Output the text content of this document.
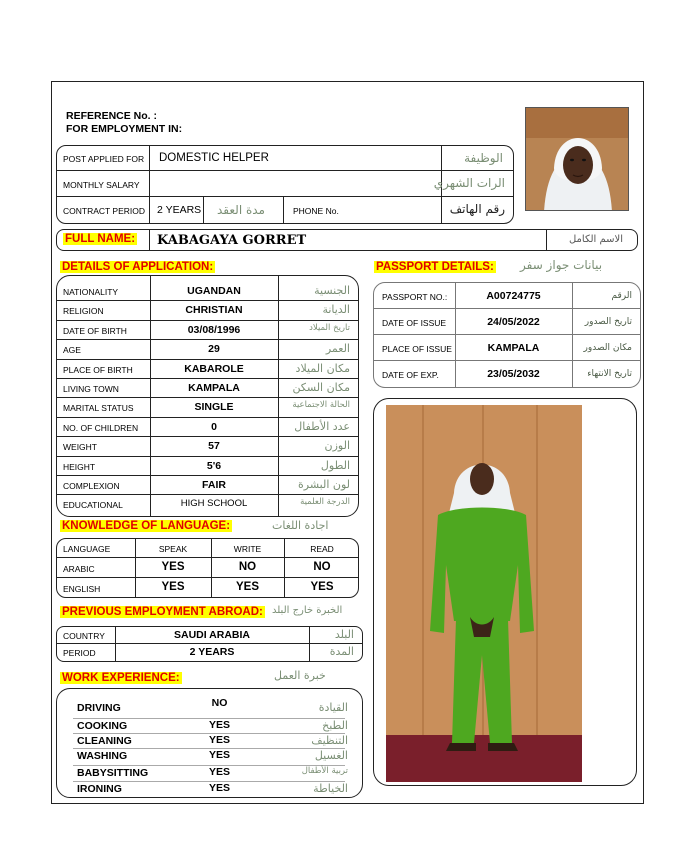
REFERENCE No. :
FOR EMPLOYMENT IN:
POST APPLIED FOR DOMESTIC HELPER	الوظيفة
MONTHLY SALARY	الرات الشهري
CONTRACT PERIOD 2 YEARS مدة العقد	PHONE No.	رقم الهاتف
FULL NAME: KABAGAYA GORRET	الاسم الكامل
DETAILS OF APPLICATION:
NATIONALITY	UGANDAN	الجنسية
RELIGION	CHRISTIAN	الديانة
DATE OF BIRTH	03/08/1996	تاريخ الميلاد
AGE	29	العمر
PLACE OF BIRTH	KABAROLE	مكان الميلاد
LIVING TOWN	KAMPALA	مكان السكن
MARITAL STATUS	SINGLE	الحالة الاجتماعية
NO. OF CHILDREN	0	عدد الأطفال
WEIGHT	57	الوزن
HEIGHT	5'6	الطول
COMPLEXION	FAIR	لون البشرة
EDUCATIONAL	HIGH SCHOOL	الدرجة العلمية
PASSPORT DETAILS: بيانات جواز سفر
PASSPORT NO.:	A00724775	الرقم
DATE OF ISSUE	24/05/2022	تاريخ الصدور
PLACE OF ISSUE	KAMPALA	مكان الصدور
DATE OF EXP.	23/05/2032	تاريخ الانتهاء
KNOWLEDGE OF LANGUAGE:	اجادة اللغات
LANGUAGE	SPEAK	WRITE	READ
ARABIC	YES	NO	NO
ENGLISH	YES	YES	YES
PREVIOUS EMPLOYMENT ABROAD: الخبرة خارج البلد
COUNTRY	SAUDI ARABIA	البلد
PERIOD	2 YEARS	المدة
WORK EXPERIENCE:	خبرة العمل
DRIVING	NO	القيادة
COOKING	YES	الطبخ
CLEANING	YES	التنظيف
WASHING	YES	الغسيل
BABYSITTING	YES	تربية الأطفال
IRONING	YES	الخياطة
